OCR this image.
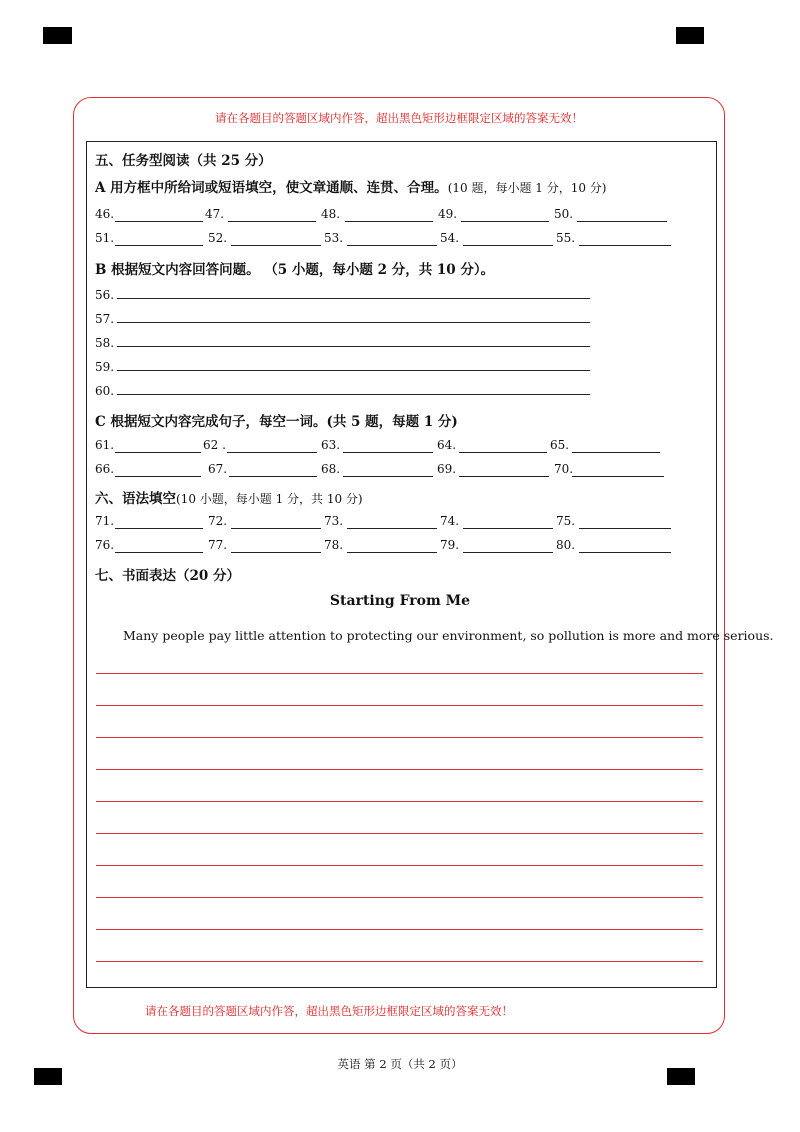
请在各题目的答题区域内作答，超出黑色矩形边框限定区域的答案无效！
请在各题目的答题区域内作答，超出黑色矩形边框限定区域的答案无效！
五、任务型阅读（共 25 分）
A 用方框中所给词或短语填空，使文章通顺、连贯、合理。(10 题，每小题 1 分，10 分)
46.	47.	48.	49.	50.
51.	52.	53.	54.	55.
B 根据短文内容回答问题。 （5 小题，每小题 2 分，共 10 分）。
56.
57.
58.
59.
60.
C 根据短文内容完成句子，每空一词。(共 5 题，每题 1 分)
61.	62 .	63.	64.	65.
66.	67.	68.	69.	70.
六、语法填空(10 小题，每小题 1 分，共 10 分)
71.	72.	73.	74.	75.
76.	77.	78.	79.	80.
七、书面表达（20 分）
Starting From Me
Many people pay little attention to protecting our environment, so pollution is more and more serious.
英语 第 2 页（共 2 页）
